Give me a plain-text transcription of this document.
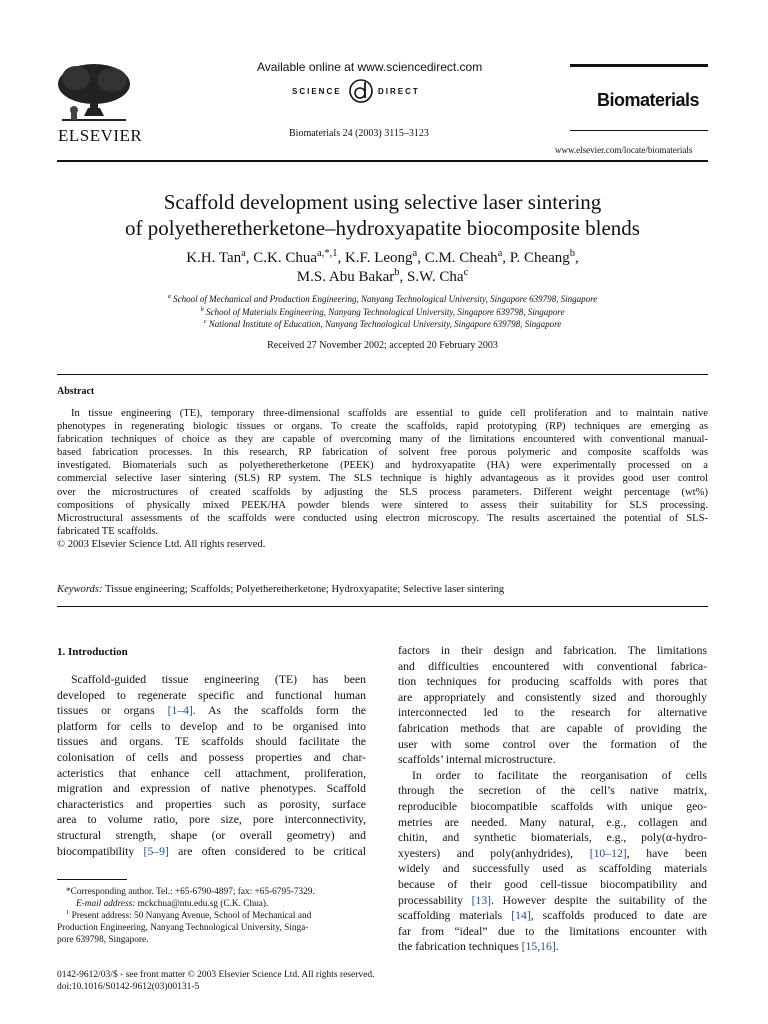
ELSEVIER
Available online at www.sciencedirect.com
SCIENCE	DIRECT
Biomaterials 24 (2003) 3115–3123
Biomaterials
www.elsevier.com/locate/biomaterials
Scaffold development using selective laser sintering
of polyetheretherketone–hydroxyapatite biocomposite blends
K.H. Tan$^a$, C.K. Chua$^{a,*,1}$, K.F. Leong$^a$, C.M. Cheah$^a$, P. Cheang$^b$,
M.S. Abu Bakar$^b$, S.W. Cha$^c$
$^a$ School of Mechanical and Production Engineering, Nanyang Technological University, Singapore 639798, Singapore
$^b$ School of Materials Engineering, Nanyang Technological University, Singapore 639798, Singapore
$^c$ National Institute of Education, Nanyang Technological University, Singapore 639798, Singapore
Received 27 November 2002; accepted 20 February 2003
Abstract
In tissue engineering (TE), temporary three-dimensional scaffolds are essential to guide cell proliferation and to maintain native
phenotypes in regenerating biologic tissues or organs. To create the scaffolds, rapid prototyping (RP) techniques are emerging as
fabrication techniques of choice as they are capable of overcoming many of the limitations encountered with conventional manual-
based fabrication processes. In this research, RP fabrication of solvent free porous polymeric and composite scaffolds was
investigated. Biomaterials such as polyetheretherketone (PEEK) and hydroxyapatite (HA) were experimentally processed on a
commercial selective laser sintering (SLS) RP system. The SLS technique is highly advantageous as it provides good user control
over the microstructures of created scaffolds by adjusting the SLS process parameters. Different weight percentage (wt%)
compositions of physically mixed PEEK/HA powder blends were sintered to assess their suitability for SLS processing.
Microstructural assessments of the scaffolds were conducted using electron microscopy. The results ascertained the potential of SLS-
fabricated TE scaffolds.
© 2003 Elsevier Science Ltd. All rights reserved.
Keywords: Tissue engineering; Scaffolds; Polyetheretherketone; Hydroxyapatite; Selective laser sintering
1. Introduction
Scaffold-guided tissue engineering (TE) has been
developed to regenerate specific and functional human
tissues or organs [1–4]. As the scaffolds form the
platform for cells to develop and to be organised into
tissues and organs. TE scaffolds should facilitate the
colonisation of cells and possess properties and char-
acteristics that enhance cell attachment, proliferation,
migration and expression of native phenotypes. Scaffold
characteristics and properties such as porosity, surface
area to volume ratio, pore size, pore interconnectivity,
structural strength, shape (or overall geometry) and
biocompatibility [5–9] are often considered to be critical
factors in their design and fabrication. The limitations
and difficulties encountered with conventional fabrica-
tion techniques for producing scaffolds with pores that
are appropriately and consistently sized and thoroughly
interconnected led to the research for alternative
fabrication methods that are capable of providing the
user with some control over the formation of the
scaffolds’ internal microstructure.
In order to facilitate the reorganisation of cells
through the secretion of the cell’s native matrix,
reproducible biocompatible scaffolds with unique geo-
metries are needed. Many natural, e.g., collagen and
chitin, and synthetic biomaterials, e.g., poly(α-hydro-
xyesters) and poly(anhydrides), [10–12], have been
widely and successfully used as scaffolding materials
because of their good cell-tissue biocompatibility and
processability [13]. However despite the suitability of the
scaffolding materials [14], scaffolds produced to date are
far from “ideal” due to the limitations encounter with
the fabrication techniques [15,16].
*Corresponding author. Tel.: +65-6790-4897; fax: +65-6795-7329.
E-mail address: mckchua@ntu.edu.sg (C.K. Chua).
$^1$ Present address: 50 Nanyang Avenue, School of Mechanical and
Production Engineering, Nanyang Technological University, Singa-
pore 639798, Singapore.
0142-9612/03/$ - see front matter © 2003 Elsevier Science Ltd. All rights reserved.
doi:10.1016/S0142-9612(03)00131-5
